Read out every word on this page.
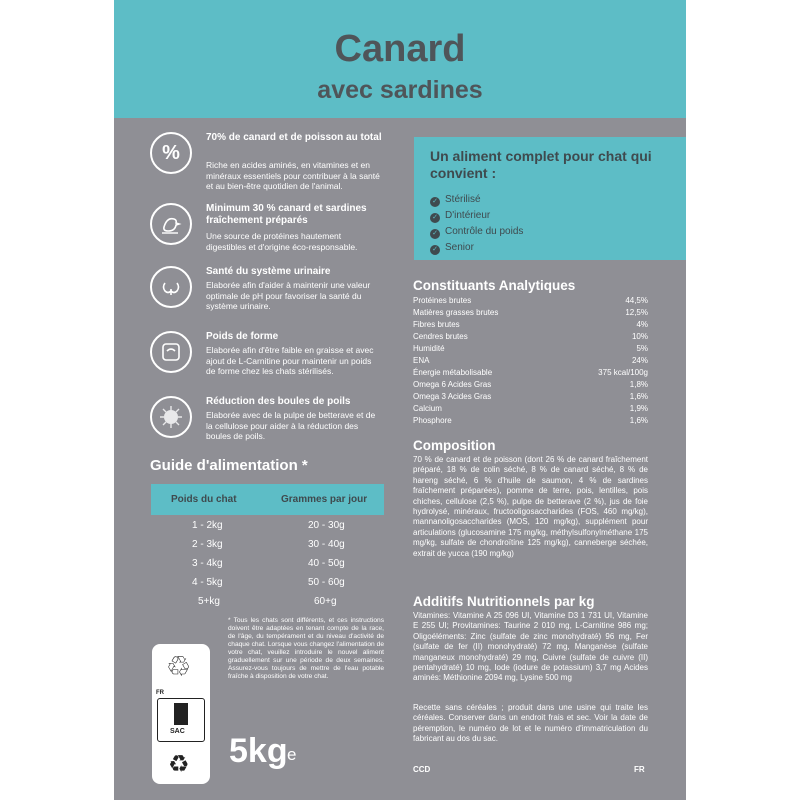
Canard
avec sardines
%
70% de canard et de poisson au total
Riche en acides aminés, en vitamines et en minéraux essentiels pour contribuer à la santé et au bien-être quotidien de l'animal.
Minimum 30 % canard et sardines fraîchement préparés
Une source de protéines hautement digestibles et d'origine éco-responsable.
Santé du système urinaire
Elaborée afin d'aider à maintenir une valeur optimale de pH pour favoriser la santé du système urinaire.
Poids de forme
Elaborée afin d'être faible en graisse et avec ajout de L-Carnitine pour maintenir un poids de forme chez les chats stérilisés.
Réduction des boules de poils
Elaborée avec de la pulpe de betterave et de la cellulose pour aider à la réduction des boules de poils.
Guide d'alimentation *
Poids du chat	Grammes par jour
1 - 2kg	20 - 30g
2 - 3kg	30 - 40g
3 - 4kg	40 - 50g
4 - 5kg	50 - 60g
5+kg	60+g
* Tous les chats sont différents, et ces instructions doivent être adaptées en tenant compte de la race, de l'âge, du tempérament et du niveau d'activité de chaque chat. Lorsque vous changez l'alimentation de votre chat, veuillez introduire le nouvel aliment graduellement sur une période de deux semaines. Assurez-vous toujours de mettre de l'eau potable fraîche à disposition de votre chat.
♲
SAC
FR
♻ 5kg e
Un aliment complet pour chat qui convient :
✓ Stérilisé
✓ D'intérieur
✓ Contrôle du poids
✓ Senior
Constituants Analytiques
Protéines brutes	44,5%
Matières grasses brutes	12,5%
Fibres brutes	4%
Cendres brutes	10%
Humidité	5%
ENA	24%
Énergie métabolisable	375 kcal/100g
Omega 6 Acides Gras	1,8%
Omega 3 Acides Gras	1,6%
Calcium	1,9%
Phosphore	1,6%
Composition
70 % de canard et de poisson (dont 26 % de canard fraîchement préparé, 18 % de colin séché, 8 % de canard séché, 8 % de hareng séché, 6 % d'huile de saumon, 4 % de sardines fraîchement préparées), pomme de terre, pois, lentilles, pois chiches, cellulose (2,5 %), pulpe de betterave (2 %), jus de foie hydrolysé, minéraux, fructooligosaccharides (FOS, 460 mg/kg), mannanoligosaccharides (MOS, 120 mg/kg), supplément pour articulations (glucosamine 175 mg/kg, méthylsulfonylméthane 175 mg/kg, sulfate de chondroïtine 125 mg/kg), canneberge séchée, extrait de yucca (190 mg/kg)
Additifs Nutritionnels par kg
Vitamines: Vitamine A 25 096 UI, Vitamine D3 1 731 UI, Vitamine E 255 UI; Provitamines: Taurine 2 010 mg, L-Carnitine 986 mg; Oligoéléments: Zinc (sulfate de zinc monohydraté) 96 mg, Fer (sulfate de fer (II) monohydraté) 72 mg, Manganèse (sulfate manganeux monohydraté) 29 mg, Cuivre (sulfate de cuivre (II) pentahydraté) 10 mg, Iode (iodure de potassium) 3,7 mg Acides aminés: Méthionine 2094 mg, Lysine 500 mg
Recette sans céréales ; produit dans une usine qui traite les céréales. Conserver dans un endroit frais et sec. Voir la date de péremption, le numéro de lot et le numéro d'immatriculation du fabricant au dos du sac.
CCD	FR
